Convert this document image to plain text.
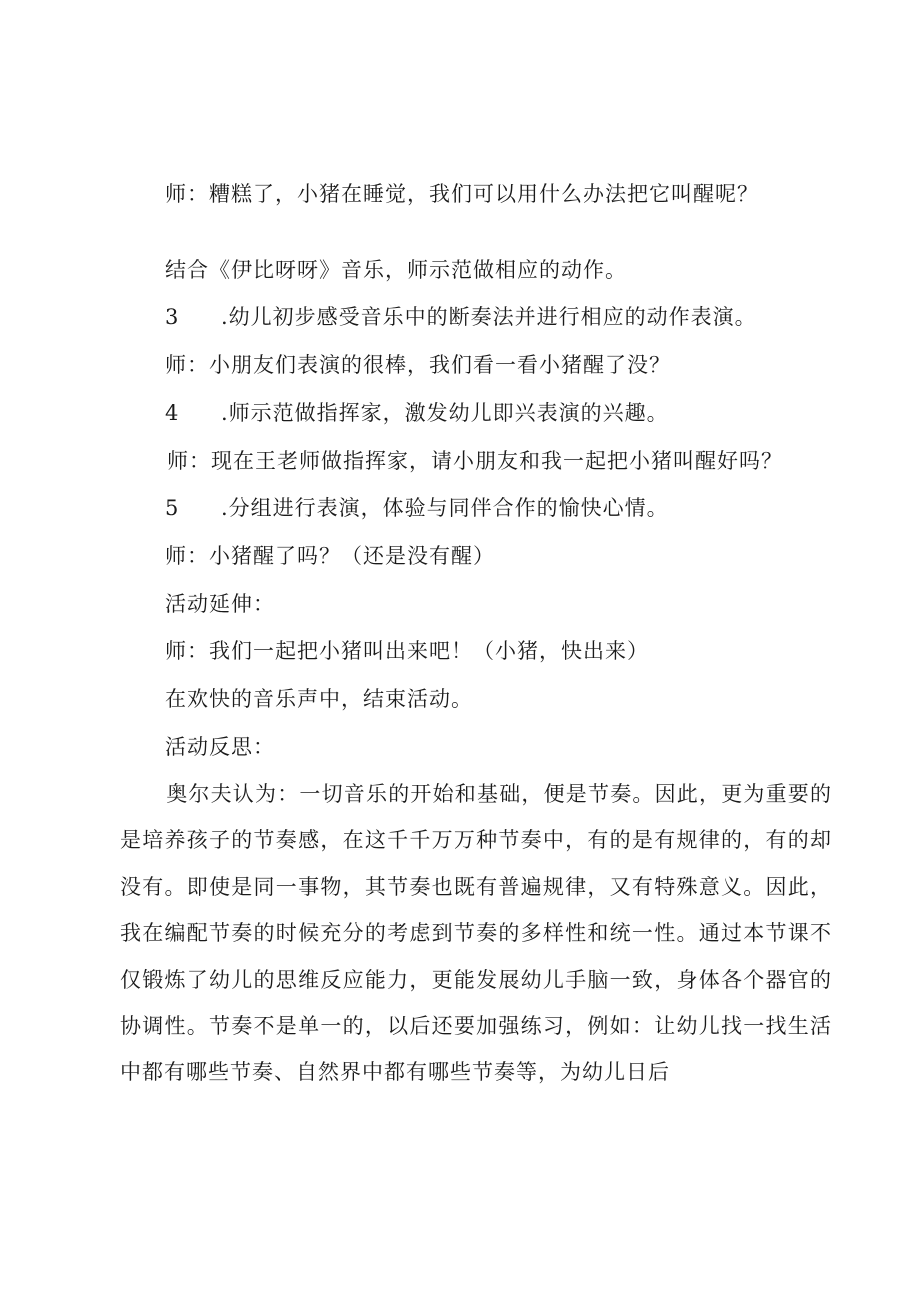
师：糟糕了，小猪在睡觉，我们可以用什么办法把它叫醒呢？
结合《伊比呀呀》音乐，师示范做相应的动作。
3 .幼儿初步感受音乐中的断奏法并进行相应的动作表演。
师：小朋友们表演的很棒，我们看一看小猪醒了没？
4 .师示范做指挥家，激发幼儿即兴表演的兴趣。
师：现在王老师做指挥家，请小朋友和我一起把小猪叫醒好吗？
5 .分组进行表演，体验与同伴合作的愉快心情。
师：小猪醒了吗？（还是没有醒）
活动延伸：
师：我们一起把小猪叫出来吧！（小猪，快出来）
在欢快的音乐声中，结束活动。
活动反思：
奥尔夫认为：一切音乐的开始和基础，便是节奏。因此，更为重要的是培养孩子的节奏感，在这千千万万种节奏中，有的是有规律的，有的却没有。即使是同一事物，其节奏也既有普遍规律，又有特殊意义。因此，我在编配节奏的时候充分的考虑到节奏的多样性和统一性。通过本节课不仅锻炼了幼儿的思维反应能力，更能发展幼儿手脑一致，身体各个器官的协调性。节奏不是单一的，以后还要加强练习，例如：让幼儿找一找生活中都有哪些节奏、自然界中都有哪些节奏等，为幼儿日后
